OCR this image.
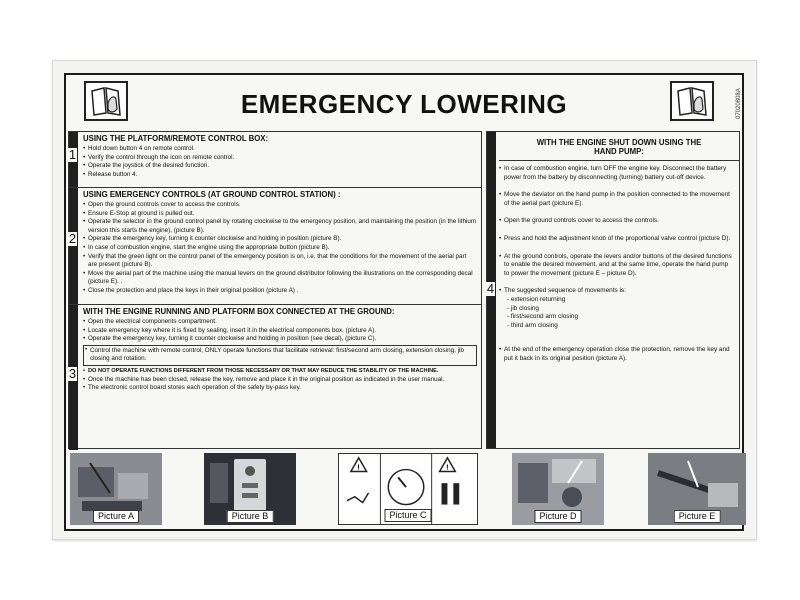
EMERGENCY LOWERING	07020808A
1
USING THE PLATFORM/REMOTE CONTROL BOX:
• Hold down button 4 on remote control.
• Verify the control through the icon on remote control.
• Operate the joystick of the desired function.
• Release button 4.
2
USING EMERGENCY CONTROLS (AT GROUND CONTROL STATION) :
• Open the ground controls cover to access the controls.
• Ensure E-Stop at ground is pulled out.
• Operate the selector in the ground control panel by rotating clockwise to the emergency position, and maintaining the position (in the lithium version this starts the engine), (picture B).
• Operate the emergency key, turning it counter clockwise and holding in position (picture B).
• In case of combustion engine, start the engine using the appropriate button (picture B).
• Verify that the green light on the control panel of the emergency position is on, i.e. that the conditions for the movement of the aerial part are present (picture B).
• Move the aerial part of the machine using the manual levers on the ground distributor following the illustrations on the corresponding decal (picture E). .
• Close the protection and place the keys in their original position (picture A) .
3
WITH THE ENGINE RUNNING AND PLATFORM BOX CONNECTED AT THE GROUND:
• Open the electrical components compartment.
• Locate emergency key where it is fixed by sealing, insert it in the electrical components box. (picture A).
• Operate the emergency key, turning it counter clockwise and holding in position (see decal), (picture C).
• Control the machine with remote control, ONLY operate functions that facilitate retrieval: first/second arm closing, extension closing, jib closing and rotation.
• DO NOT OPERATE FUNCTIONS DIFFERENT FROM THOSE NECESSARY OR THAT MAY REDUCE THE STABILITY OF THE MACHINE.
• Once the machine has been closed, release the key, remove and place it in the original position as indicated in the user manual.
• The electronic control board stores each operation of the safety by-pass key.
4
WITH THE ENGINE SHUT DOWN USING THE
HAND PUMP:

• In case of combustion engine, turn OFF the engine key. Disconnect the battery power from the battery by disconnecting (turning) battery cut-off device.

• Move the deviator on the hand pump in the position connected to the movement of the aerial part (picture E).

• Open the ground controls cover to access the controls.

• Press and hold the adjustment knob of the proportional valve control (picture D).

• At the ground controls, operate the levers and/or buttons of the desired functions to enable the desired movement, and at the same time, operate the hand pump to power the movement (picture E – picture D).

• The suggested sequence of movements is:

- extension returning
- jib closing
- first/second arm closing
- third arm closing

• At the end of the emergency operation close the protection, remove the key and put it back in its original position (picture A).

Picture A	Picture B
!	!
Picture C	Picture D	Picture E
